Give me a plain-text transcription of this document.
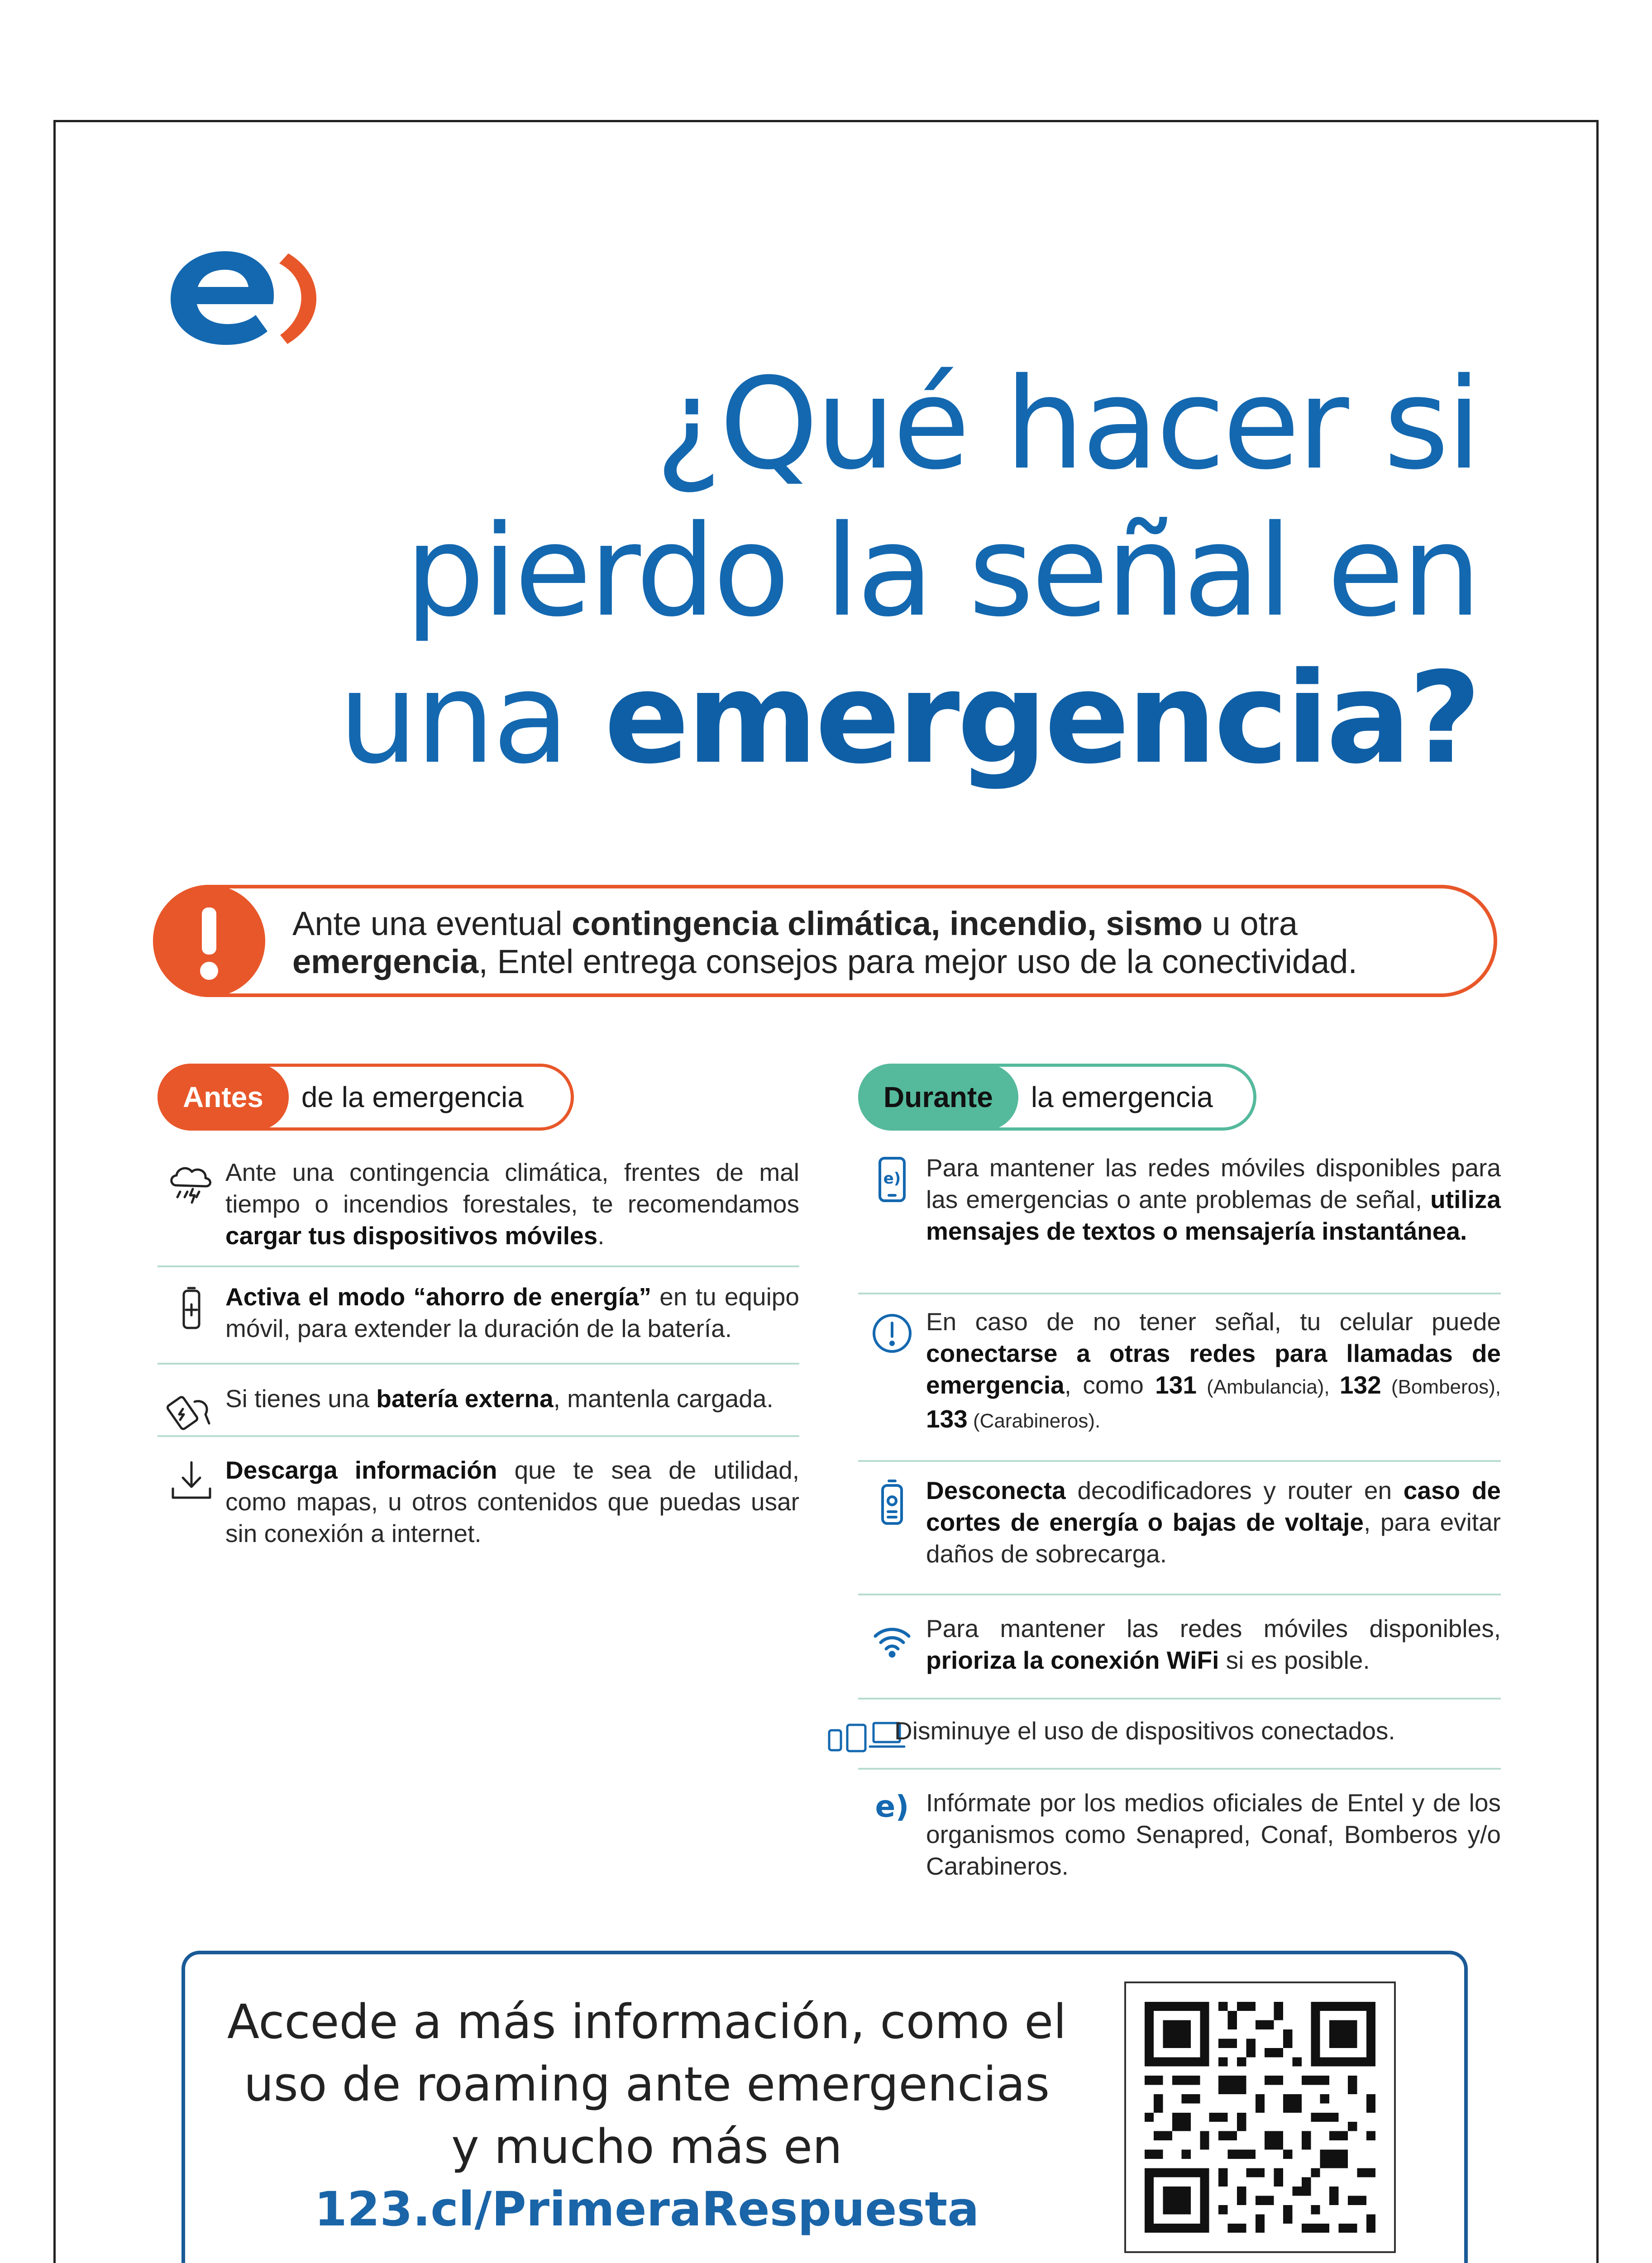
¿Qué hacer si
pierdo la señal en
una emergencia?
Ante una eventual contingencia climática, incendio, sismo u otra
emergencia, Entel entrega consejos para mejor uso de la conectividad.
Antes	de la emergencia	Durante	la emergencia
Ante una contingencia climática, frentes de mal tiempo o incendios forestales, te recomendamos cargar tus dispositivos móviles.
Activa el modo “ahorro de energía” en tu equipo móvil, para extender la duración de la batería.
Si tienes una batería externa, mantenla cargada.
Descarga información que te sea de utilidad, como mapas, u otros contenidos que puedas usar sin conexión a internet.
e) Para mantener las redes móviles disponibles para las emergencias o ante problemas de señal, utiliza mensajes de textos o mensajería instantánea.
En caso de no tener señal, tu celular puede conectarse a otras redes para llamadas de emergencia, como 131 (Ambulancia), 132 (Bomberos), 133 (Carabineros).
Desconecta decodificadores y router en caso de cortes de energía o bajas de voltaje, para evitar daños de sobrecarga.
Para mantener las redes móviles disponibles, prioriza la conexión WiFi si es posible.
Disminuye el uso de dispositivos conectados.
e) Infórmate por los medios oficiales de Entel y de los organismos como Senapred, Conaf, Bomberos y/o Carabineros.
Accede a más información, como el
uso de roaming ante emergencias
y mucho más en
123.cl/PrimeraRespuesta
